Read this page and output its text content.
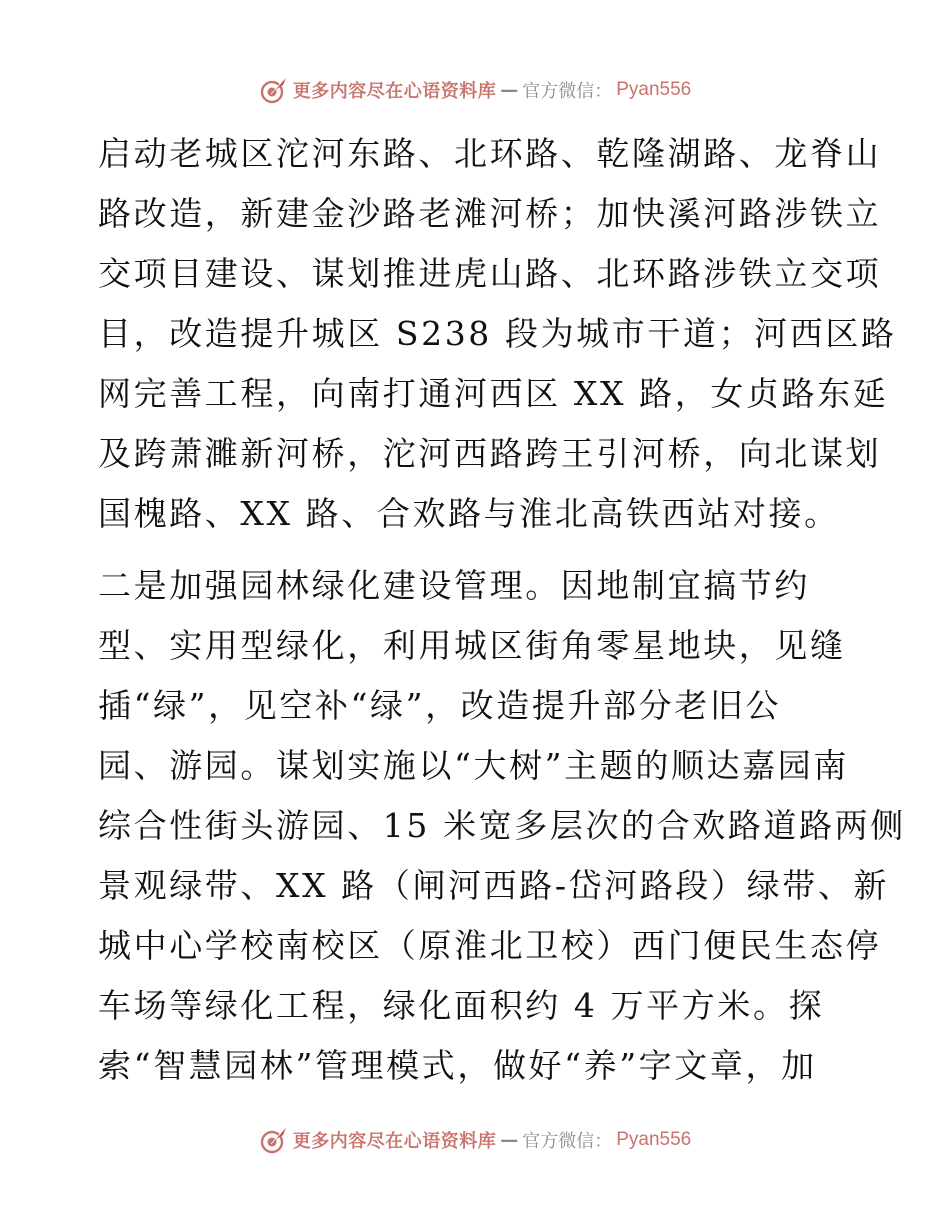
更多内容尽在心语资料库 — 官方微信： Pyan556
启动老城区沱河东路、北环路、乾隆湖路、龙脊山
路改造，新建金沙路老滩河桥；加快溪河路涉铁立
交项目建设、谋划推进虎山路、北环路涉铁立交项
目，改造提升城区 S238 段为城市干道；河西区路
网完善工程，向南打通河西区 XX 路，女贞路东延
及跨萧濉新河桥，沱河西路跨王引河桥，向北谋划
国槐路、XX 路、合欢路与淮北高铁西站对接。
二是加强园林绿化建设管理。因地制宜搞节约
型、实用型绿化，利用城区街角零星地块，见缝
插“绿”，见空补“绿”，改造提升部分老旧公
园、游园。谋划实施以“大树”主题的顺达嘉园南
综合性街头游园、15 米宽多层次的合欢路道路两侧
景观绿带、XX 路（闸河西路-岱河路段）绿带、新
城中心学校南校区（原淮北卫校）西门便民生态停
车场等绿化工程，绿化面积约 4 万平方米。探
索“智慧园林”管理模式，做好“养”字文章，加
更多内容尽在心语资料库 — 官方微信： Pyan556
